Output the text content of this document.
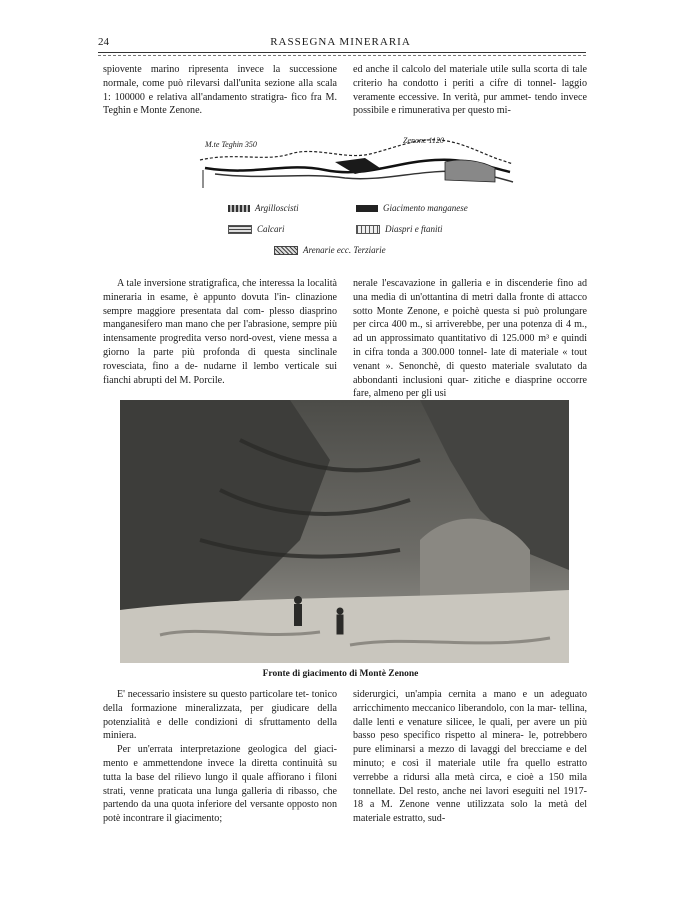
24	RASSEGNA MINERARIA

spiovente marino ripresenta invece la successione normale, come può rilevarsi dall'unita sezione alla scala 1: 100000 e relativa all'andamento stratigra- fico fra M. Teghin e Monte Zenone.

ed anche il calcolo del materiale utile sulla scorta di tale criterio ha condotto i periti a cifre di tonnel- laggio veramente eccessive. In verità, pur ammet- tendo invece possibile e rimunerativa per questo mi-

M.te Teghin 350	Zenone 1120
Argilloscisti	Giacimento manganese
Calcari	Diaspri e ftaniti
Arenarie ecc. Terziarie

A tale inversione stratigrafica, che interessa la località mineraria in esame, è appunto dovuta l'in- clinazione sempre maggiore presentata dal com- plesso diasprino manganesifero man mano che per l'abrasione, sempre più intensamente progredita verso nord-ovest, viene messa a giorno la parte più profonda di questa sinclinale rovesciata, fino a de- nudarne il lembo verticale sui fianchi abrupti del M. Porcile.

nerale l'escavazione in galleria e in discenderie fino ad una media di un'ottantina di metri dalla fronte di attacco sotto Monte Zenone, e poichè questa si può prolungare per circa 400 m., si arriverebbe, per una potenza di 4 m., ad un approssimato quantitativo di 125.000 m³ e quindi in cifra tonda a 300.000 tonnel- late di materiale « tout venant ». Senonchè, di questo materiale svalutato da abbondanti inclusioni quar- zitiche e diasprine occorre fare, almeno per gli usi

Fronte di giacimento di Montè Zenone

E' necessario insistere su questo particolare tet- tonico della formazione mineralizzata, per giudicare della potenzialità e delle condizioni di sfruttamento della miniera.

Per un'errata interpretazione geologica del giaci- mento e ammettendone invece la diretta continuità su tutta la base del rilievo lungo il quale affiorano i filoni strati, venne praticata una lunga galleria di ribasso, che partendo da una quota inferiore del versante opposto non potè incontrare il giacimento;

siderurgici, un'ampia cernita a mano e un adeguato arricchimento meccanico liberandolo, con la mar- tellina, dalle lenti e venature silicee, le quali, per avere un più basso peso specifico rispetto al minera- le, potrebbero pure eliminarsi a mezzo di lavaggi del brecciame e del minuto; e così il materiale utile fra quello estratto verrebbe a ridursi alla metà circa, e cioè a 150 mila tonnellate. Del resto, anche nei lavori eseguiti nel 1917-18 a M. Zenone venne utilizzata solo la metà del materiale estratto, sud-
